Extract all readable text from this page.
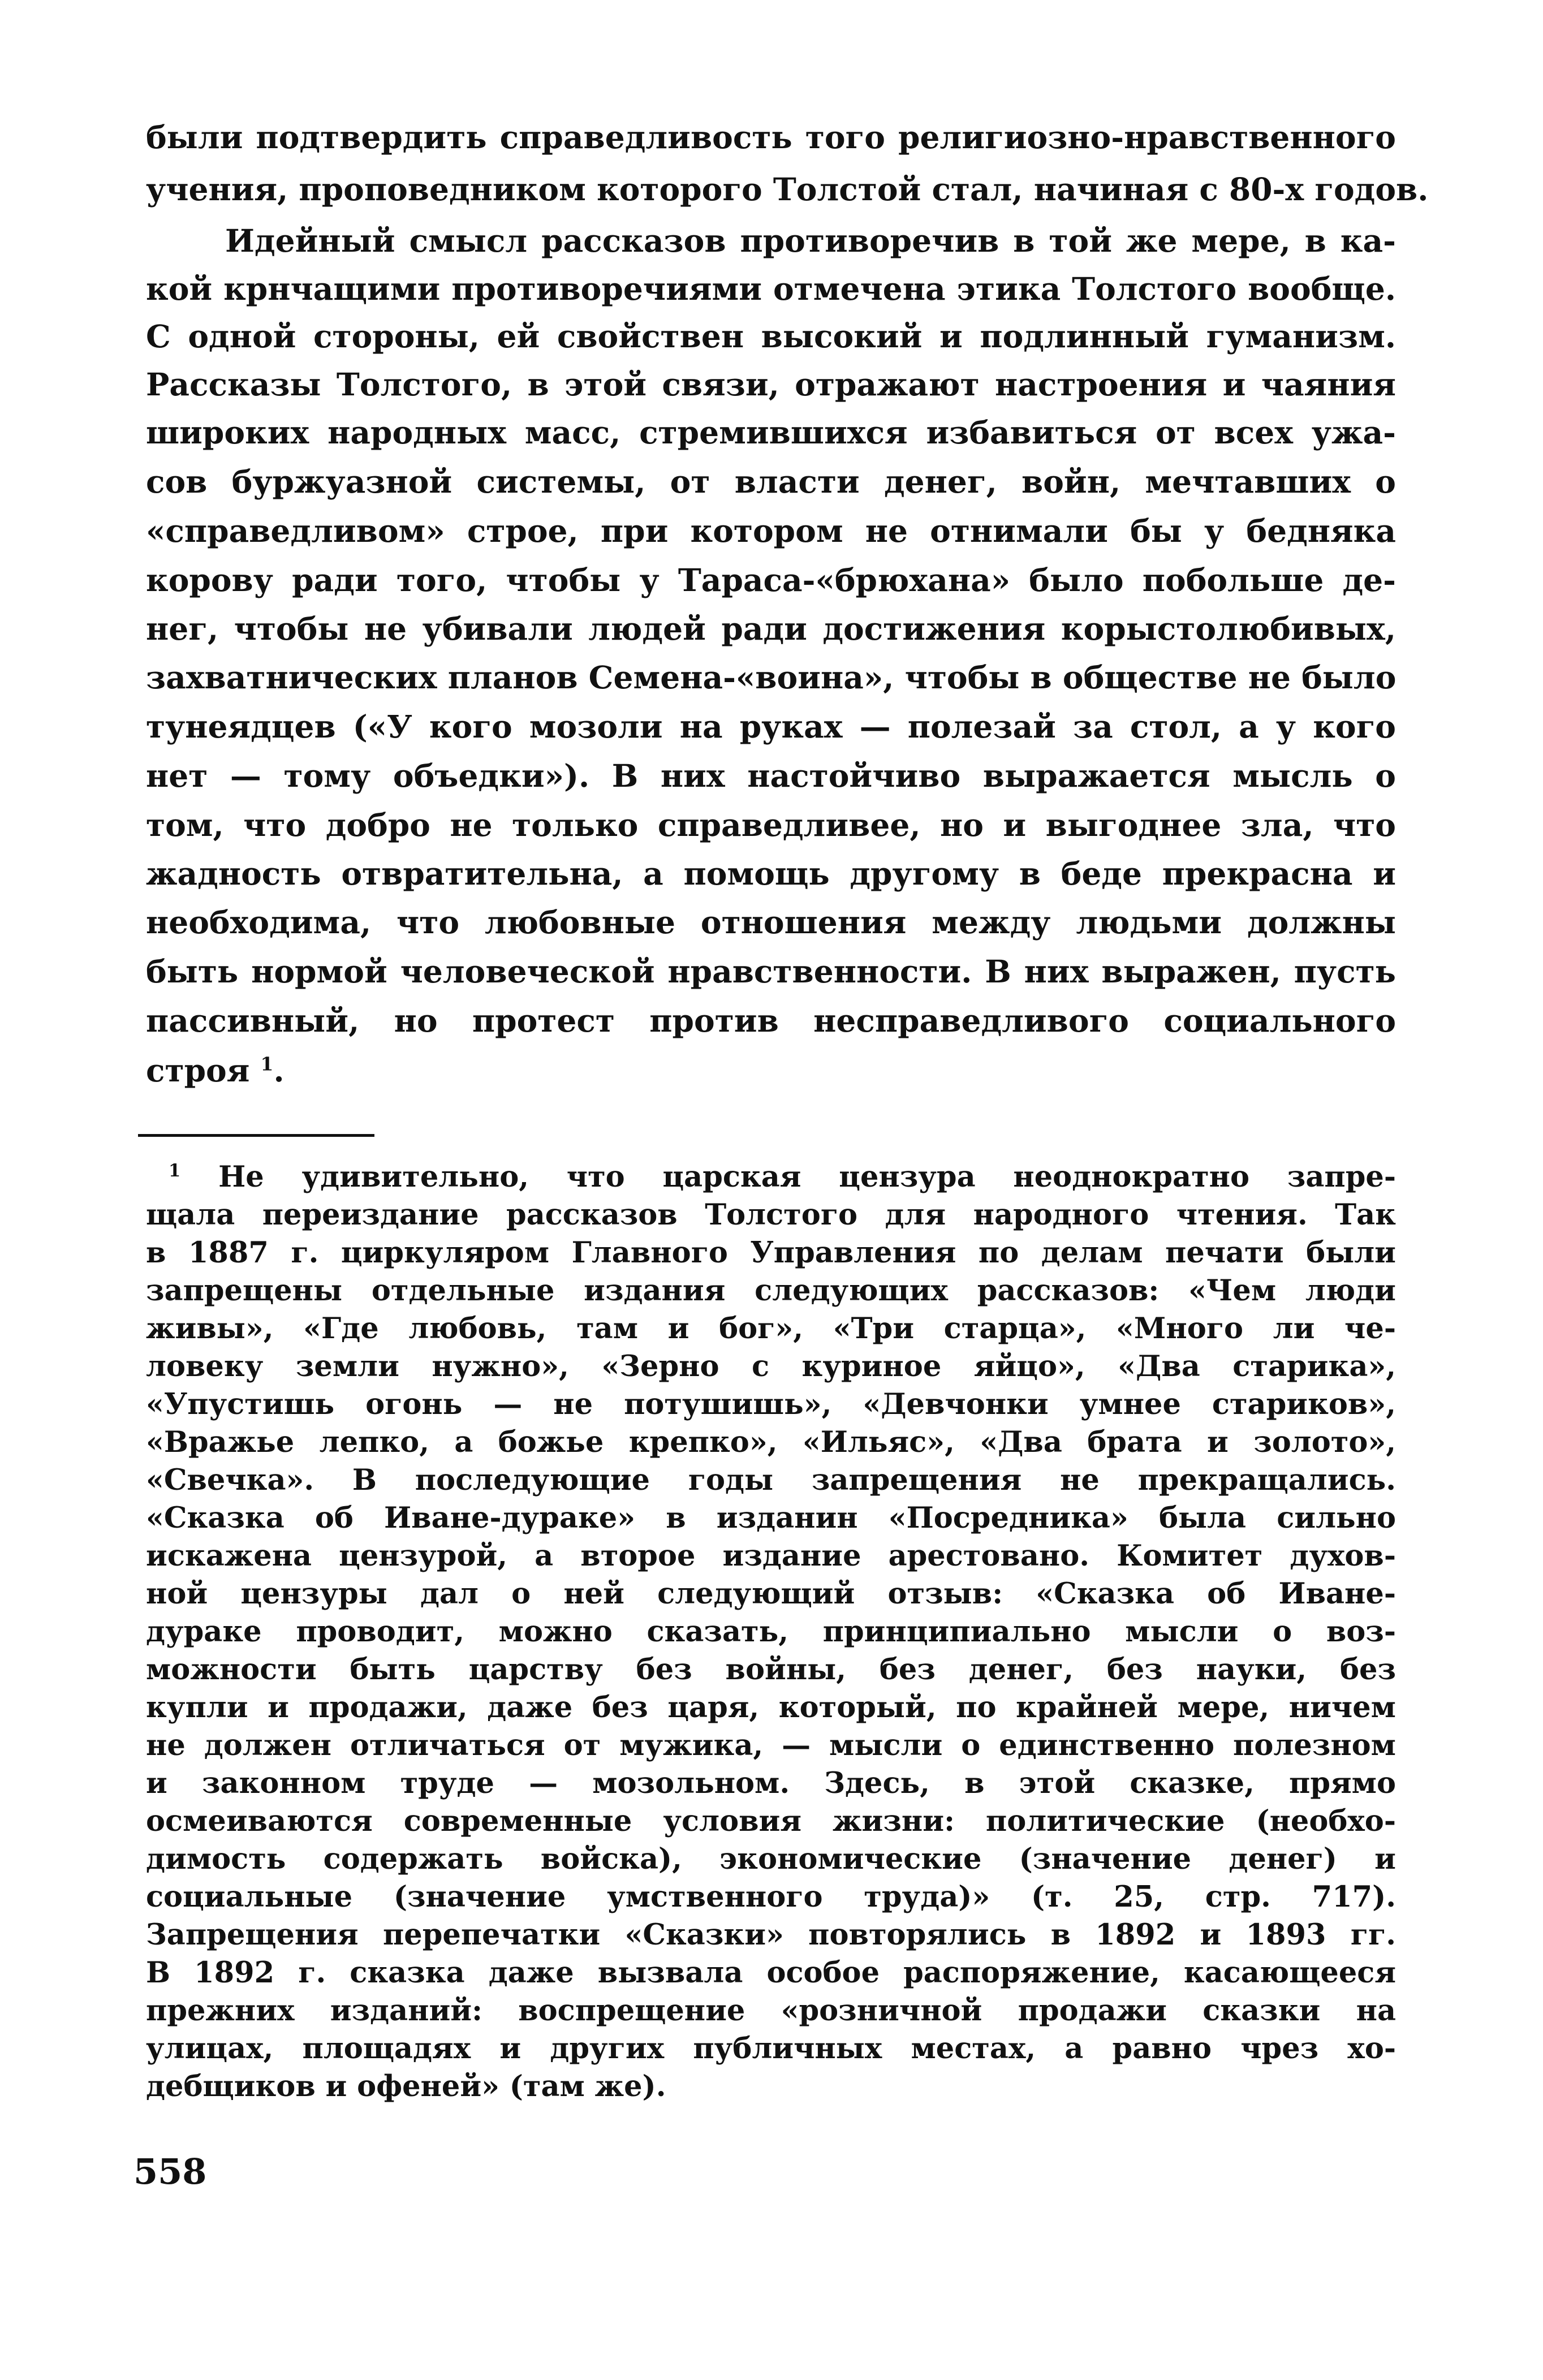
были подтвердить справедливость того религиозно-нравственного
учения, проповедником которого Толстой стал, начиная с 80-х годов.
Идейный смысл рассказов противоречив в той же мере, в ка-
кой крнчащими противоречиями отмечена этика Толстого вообще.
С одной стороны, ей свойствен высокий и подлинный гуманизм.
Рассказы Толстого, в этой связи, отражают настроения и чаяния
широких народных масс, стремившихся избавиться от всех ужа-
сов буржуазной системы, от власти денег, войн, мечтавших о
«справедливом» строе, при котором не отнимали бы у бедняка
корову ради того, чтобы у Тараса-«брюхана» было побольше де-
нег, чтобы не убивали людей ради достижения корыстолюбивых,
захватнических планов Семена-«воина», чтобы в обществе не было
тунеядцев («У кого мозоли на руках — полезай за стол, а у кого
нет — тому объедки»). В них настойчиво выражается мысль о
том, что добро не только справедливее, но и выгоднее зла, что
жадность отвратительна, а помощь другому в беде прекрасна и
необходима, что любовные отношения между людьми должны
быть нормой человеческой нравственности. В них выражен, пусть
пассивный, но протест против несправедливого социального
строя $^1$.
$^1$ Не удивительно, что царская цензура неоднократно запре-
щала переиздание рассказов Толстого для народного чтения. Так
в 1887 г. циркуляром Главного Управления по делам печати были
запрещены отдельные издания следующих рассказов: «Чем люди
живы», «Где любовь, там и бог», «Три старца», «Много ли че-
ловеку земли нужно», «Зерно с куриное яйцо», «Два старика»,
«Упустишь огонь — не потушишь», «Девчонки умнее стариков»,
«Вражье лепко, а божье крепко», «Ильяс», «Два брата и золото»,
«Свечка». В последующие годы запрещения не прекращались.
«Сказка об Иване-дураке» в изданин «Посредника» была сильно
искажена цензурой, а второе издание арестовано. Комитет духов-
ной цензуры дал о ней следующий отзыв: «Сказка об Иване-
дураке проводит, можно сказать, принципиально мысли о воз-
можности быть царству без войны, без денег, без науки, без
купли и продажи, даже без царя, который, по крайней мере, ничем
не должен отличаться от мужика, — мысли о единственно полезном
и законном труде — мозольном. Здесь, в этой сказке, прямо
осмеиваются современные условия жизни: политические (необхо-
димость содержать войска), экономические (значение денег) и
социальные (значение умственного труда)» (т. 25, стр. 717).
Запрещения перепечатки «Сказки» повторялись в 1892 и 1893 гг.
В 1892 г. сказка даже вызвала особое распоряжение, касающееся
прежних изданий: воспрещение «розничной продажи сказки на
улицах, площадях и других публичных местах, а равно чрез хо-
дебщиков и офеней» (там же).
558
